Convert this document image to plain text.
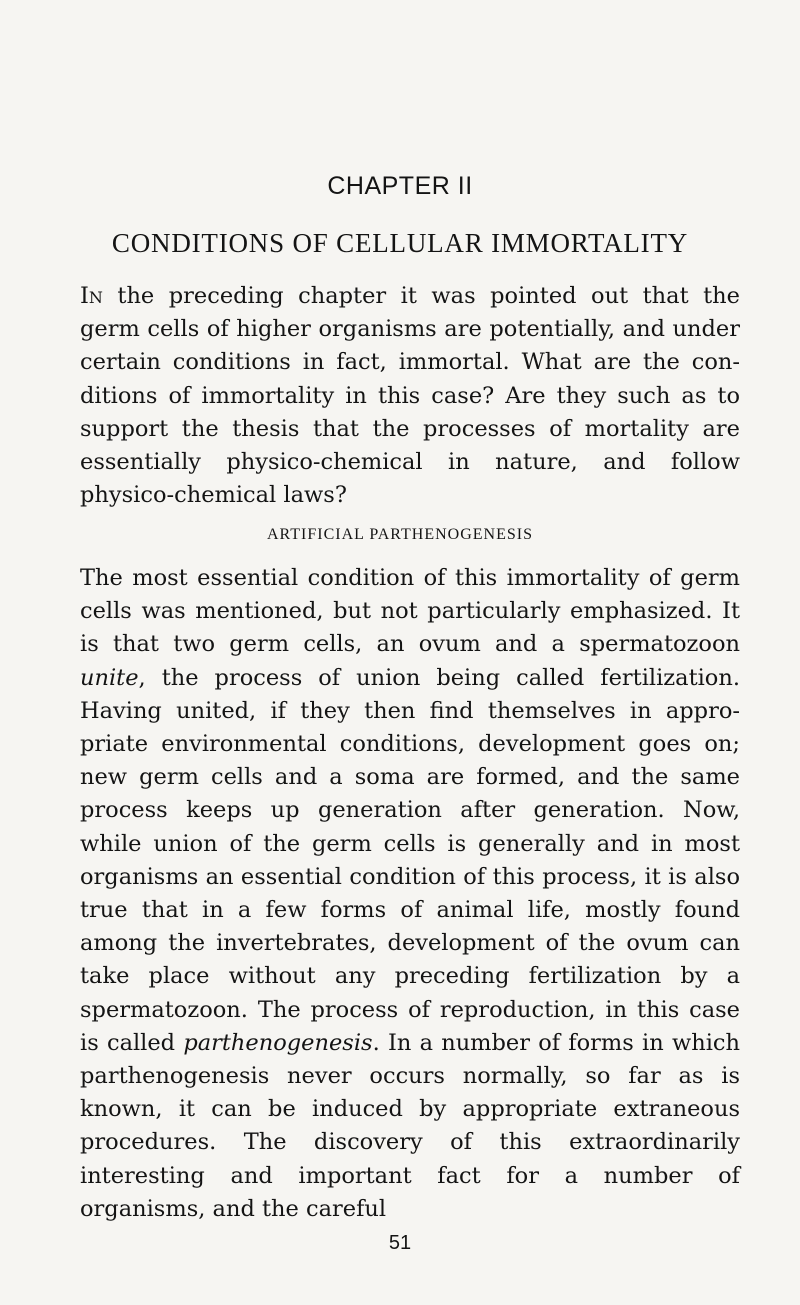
CHAPTER II
CONDITIONS OF CELLULAR IMMORTALITY

In the preceding chapter it was pointed out that the germ cells of higher organisms are potentially, and under certain conditions in fact, immortal. What are the conditions of immortality in this case? Are they such as to support the thesis that the processes of mortality are essentially physico-chemical in nature, and follow physico-chemical laws?

ARTIFICIAL PARTHENOGENESIS

The most essential condition of this immortality of germ cells was mentioned, but not particularly emphasized. It is that two germ cells, an ovum and a spermatozoon unite, the process of union being called fertilization. Having united, if they then find themselves in appropriate environmental conditions, development goes on; new germ cells and a soma are formed, and the same process keeps up generation after generation. Now, while union of the germ cells is generally and in most organisms an essential condition of this process, it is also true that in a few forms of animal life, mostly found among the invertebrates, development of the ovum can take place without any preceding fertilization by a spermatozoon. The process of reproduction, in this case is called parthenogenesis. In a number of forms in which parthenogenesis never occurs normally, so far as is known, it can be induced by appropriate extraneous procedures. The discovery of this extraordinarily interesting and important fact for a number of organisms, and the careful

51
